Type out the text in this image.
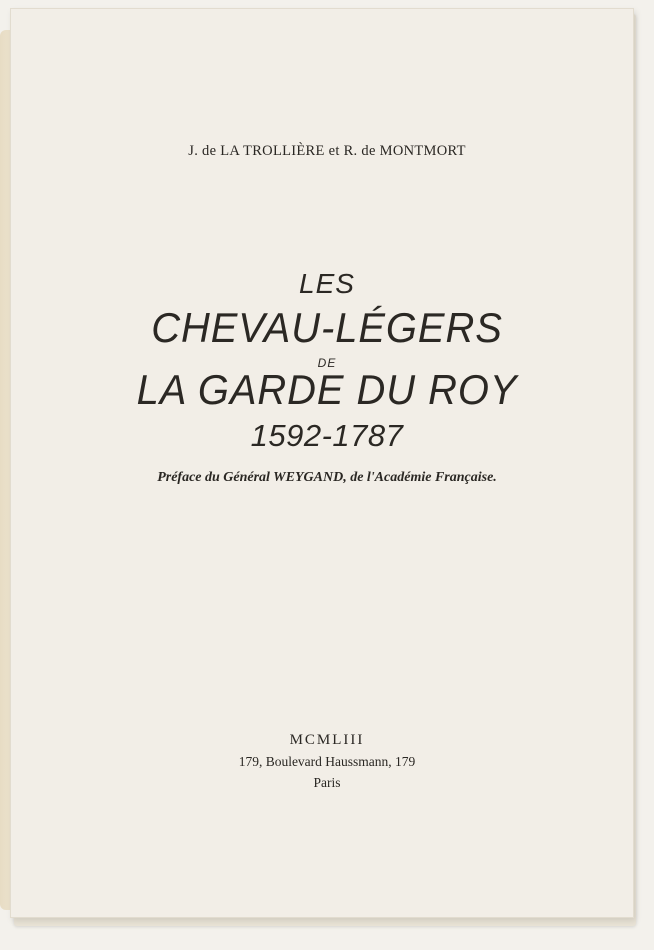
J. de LA TROLLIÈRE et R. de MONTMORT
LES
CHEVAU-LÉGERS
DE
LA GARDE DU ROY
1592-1787
Préface du Général WEYGAND, de l'Académie Française.
MCMLIII
179, Boulevard Haussmann, 179
Paris
